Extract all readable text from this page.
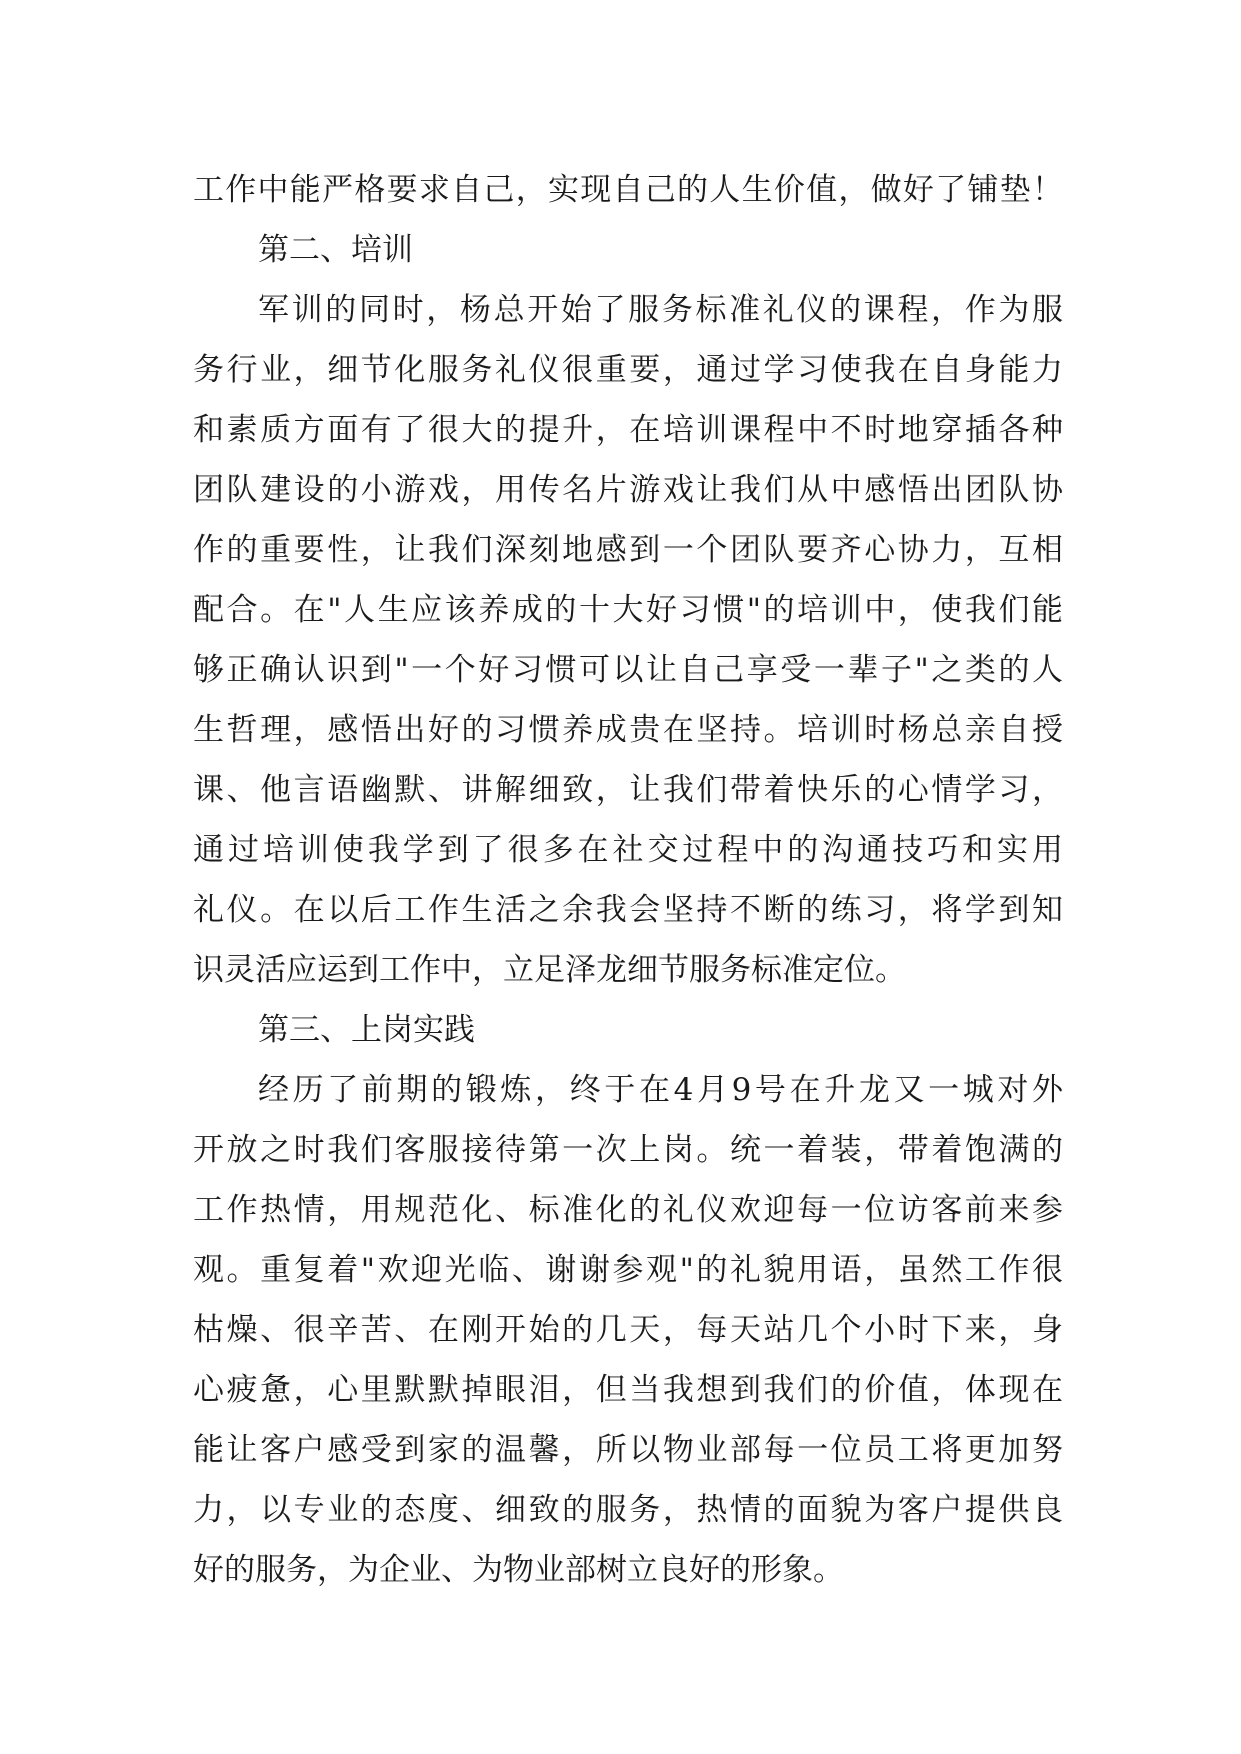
工作中能严格要求自己，实现自己的人生价值，做好了铺垫！
第二、培训
军训的同时，杨总开始了服务标准礼仪的课程，作为服
务行业，细节化服务礼仪很重要，通过学习使我在自身能力
和素质方面有了很大的提升，在培训课程中不时地穿插各种
团队建设的小游戏，用传名片游戏让我们从中感悟出团队协
作的重要性，让我们深刻地感到一个团队要齐心协力，互相
配合。在"人生应该养成的十大好习惯"的培训中，使我们能
够正确认识到"一个好习惯可以让自己享受一辈子"之类的人
生哲理，感悟出好的习惯养成贵在坚持。培训时杨总亲自授
课、他言语幽默、讲解细致，让我们带着快乐的心情学习，
通过培训使我学到了很多在社交过程中的沟通技巧和实用
礼仪。在以后工作生活之余我会坚持不断的练习，将学到知
识灵活应运到工作中，立足泽龙细节服务标准定位。
第三、上岗实践
经历了前期的锻炼，终于在4月9号在升龙又一城对外
开放之时我们客服接待第一次上岗。统一着装，带着饱满的
工作热情，用规范化、标准化的礼仪欢迎每一位访客前来参
观。重复着"欢迎光临、谢谢参观"的礼貌用语，虽然工作很
枯燥、很辛苦、在刚开始的几天，每天站几个小时下来，身
心疲惫，心里默默掉眼泪，但当我想到我们的价值，体现在
能让客户感受到家的温馨，所以物业部每一位员工将更加努
力，以专业的态度、细致的服务，热情的面貌为客户提供良
好的服务，为企业、为物业部树立良好的形象。
